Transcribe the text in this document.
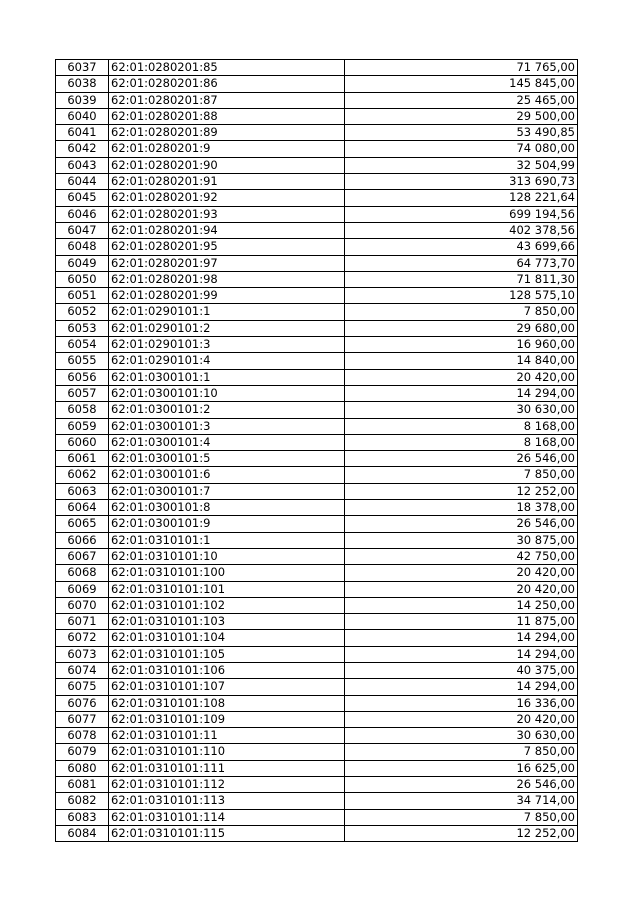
6037	62:01:0280201:85	71 765,00
6038	62:01:0280201:86	145 845,00
6039	62:01:0280201:87	25 465,00
6040	62:01:0280201:88	29 500,00
6041	62:01:0280201:89	53 490,85
6042	62:01:0280201:9	74 080,00
6043	62:01:0280201:90	32 504,99
6044	62:01:0280201:91	313 690,73
6045	62:01:0280201:92	128 221,64
6046	62:01:0280201:93	699 194,56
6047	62:01:0280201:94	402 378,56
6048	62:01:0280201:95	43 699,66
6049	62:01:0280201:97	64 773,70
6050	62:01:0280201:98	71 811,30
6051	62:01:0280201:99	128 575,10
6052	62:01:0290101:1	7 850,00
6053	62:01:0290101:2	29 680,00
6054	62:01:0290101:3	16 960,00
6055	62:01:0290101:4	14 840,00
6056	62:01:0300101:1	20 420,00
6057	62:01:0300101:10	14 294,00
6058	62:01:0300101:2	30 630,00
6059	62:01:0300101:3	8 168,00
6060	62:01:0300101:4	8 168,00
6061	62:01:0300101:5	26 546,00
6062	62:01:0300101:6	7 850,00
6063	62:01:0300101:7	12 252,00
6064	62:01:0300101:8	18 378,00
6065	62:01:0300101:9	26 546,00
6066	62:01:0310101:1	30 875,00
6067	62:01:0310101:10	42 750,00
6068	62:01:0310101:100	20 420,00
6069	62:01:0310101:101	20 420,00
6070	62:01:0310101:102	14 250,00
6071	62:01:0310101:103	11 875,00
6072	62:01:0310101:104	14 294,00
6073	62:01:0310101:105	14 294,00
6074	62:01:0310101:106	40 375,00
6075	62:01:0310101:107	14 294,00
6076	62:01:0310101:108	16 336,00
6077	62:01:0310101:109	20 420,00
6078	62:01:0310101:11	30 630,00
6079	62:01:0310101:110	7 850,00
6080	62:01:0310101:111	16 625,00
6081	62:01:0310101:112	26 546,00
6082	62:01:0310101:113	34 714,00
6083	62:01:0310101:114	7 850,00
6084	62:01:0310101:115	12 252,00
